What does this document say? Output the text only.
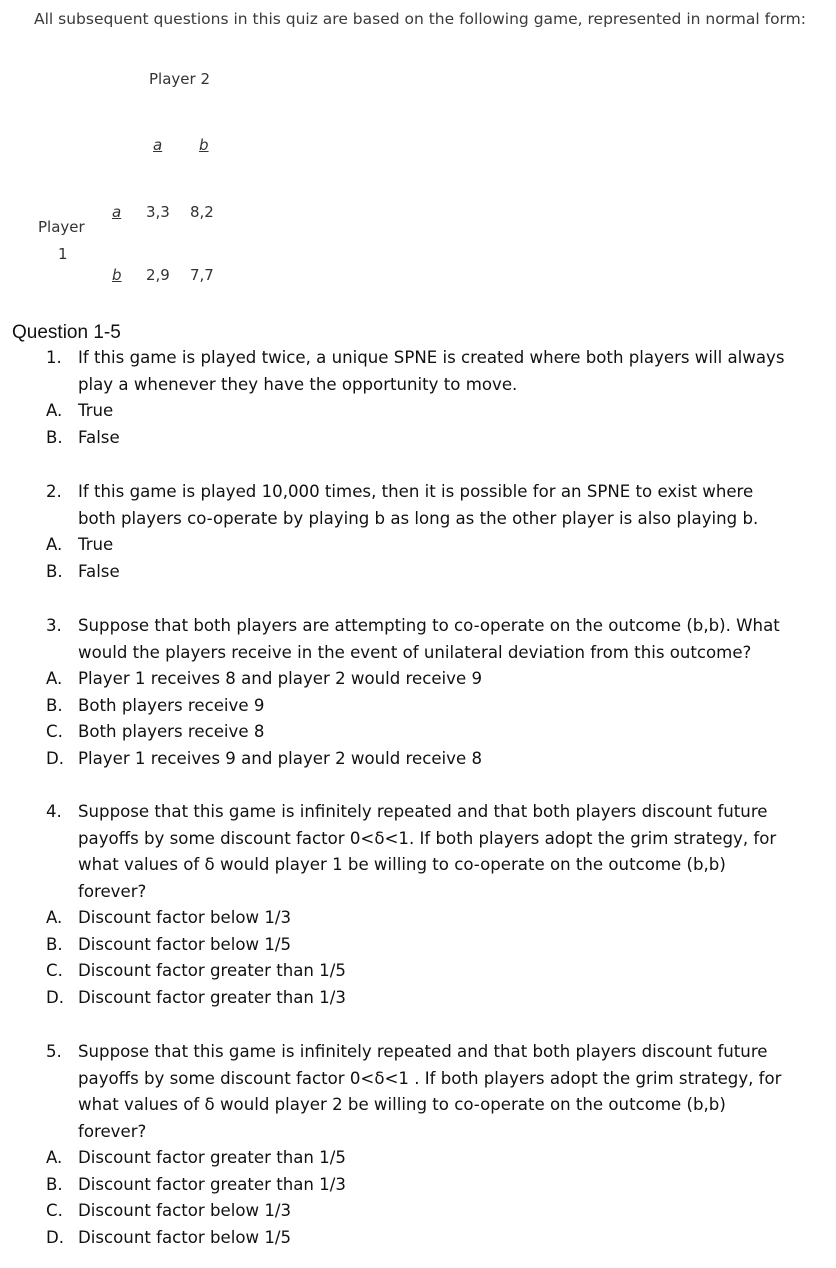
All subsequent questions in this quiz are based on the following game, represented in normal form:
Player 2
a b
Player
1
a
b
3,3 8,2
2,9 7,7
Question 1-5
1. If this game is played twice, a unique SPNE is created where both players will always
play a whenever they have the opportunity to move.
A. True
B. False
2. If this game is played 10,000 times, then it is possible for an SPNE to exist where
both players co-operate by playing b as long as the other player is also playing b.
A. True
B. False
3. Suppose that both players are attempting to co-operate on the outcome (b,b). What
would the players receive in the event of unilateral deviation from this outcome?
A. Player 1 receives 8 and player 2 would receive 9
B. Both players receive 9
C. Both players receive 8
D. Player 1 receives 9 and player 2 would receive 8
4. Suppose that this game is infinitely repeated and that both players discount future
payoffs by some discount factor 0<δ<1. If both players adopt the grim strategy, for
what values of δ would player 1 be willing to co-operate on the outcome (b,b)
forever?
A. Discount factor below 1/3
B. Discount factor below 1/5
C. Discount factor greater than 1/5
D. Discount factor greater than 1/3
5. Suppose that this game is infinitely repeated and that both players discount future
payoffs by some discount factor 0<δ<1 . If both players adopt the grim strategy, for
what values of δ would player 2 be willing to co-operate on the outcome (b,b)
forever?
A. Discount factor greater than 1/5
B. Discount factor greater than 1/3
C. Discount factor below 1/3
D. Discount factor below 1/5
